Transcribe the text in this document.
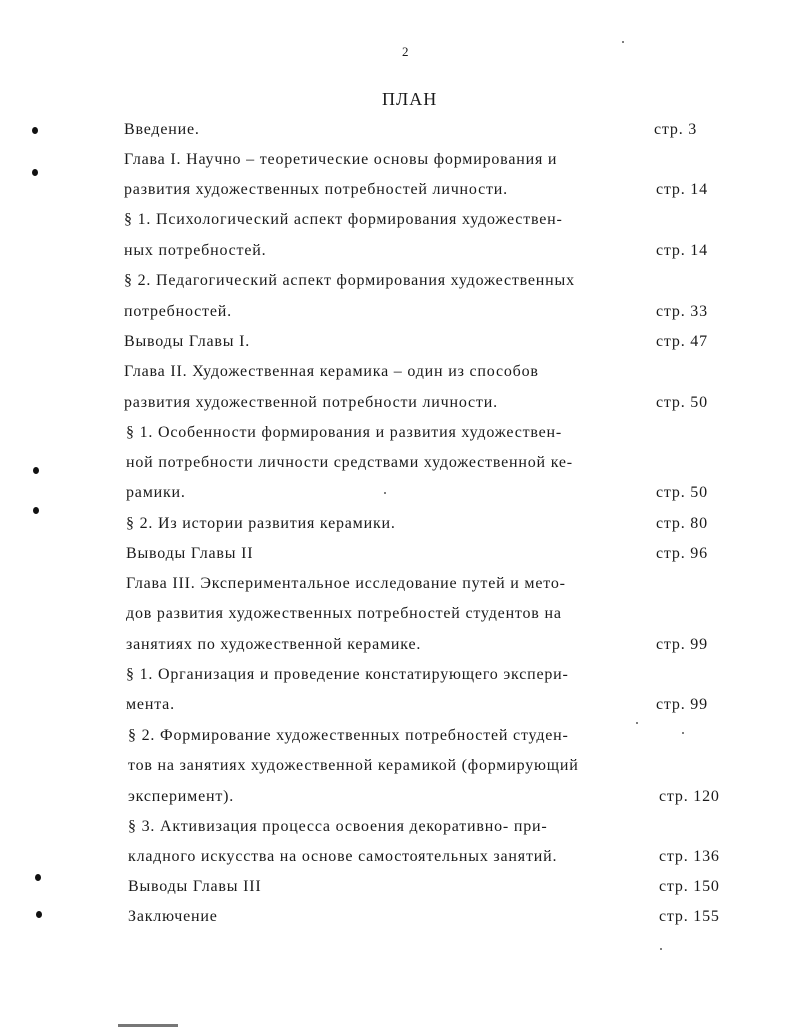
2
ПЛАН
Введение.
Глава I. Научно – теоретические основы формирования и
развития художественных потребностей личности.
§ 1. Психологический аспект формирования художествен-
ных потребностей.
§ 2. Педагогический аспект формирования художественных
потребностей.
Выводы Главы I.
Глава II. Художественная керамика – один из способов
развития художественной потребности личности.
§ 1. Особенности формирования и развития художествен-
ной потребности личности средствами художественной ке-
рамики.
§ 2. Из истории развития керамики.
Выводы Главы II
Глава III. Экспериментальное исследование путей и мето-
дов развития художественных потребностей студентов на
занятиях по художественной керамике.
§ 1. Организация и проведение констатирующего экспери-
мента.
§ 2. Формирование художественных потребностей студен-
тов на занятиях художественной керамикой (формирующий
эксперимент).
§ 3. Активизация процесса освоения декоративно- при-
кладного искусства на основе самостоятельных занятий.
Выводы Главы III
Заключение
стр. 3
стр. 14
стр. 14
стр. 33
стр. 47
стр. 50
стр. 50
стр. 80
стр. 96
стр. 99
стр. 99
стр. 120
стр. 136
стр. 150
стр. 155
